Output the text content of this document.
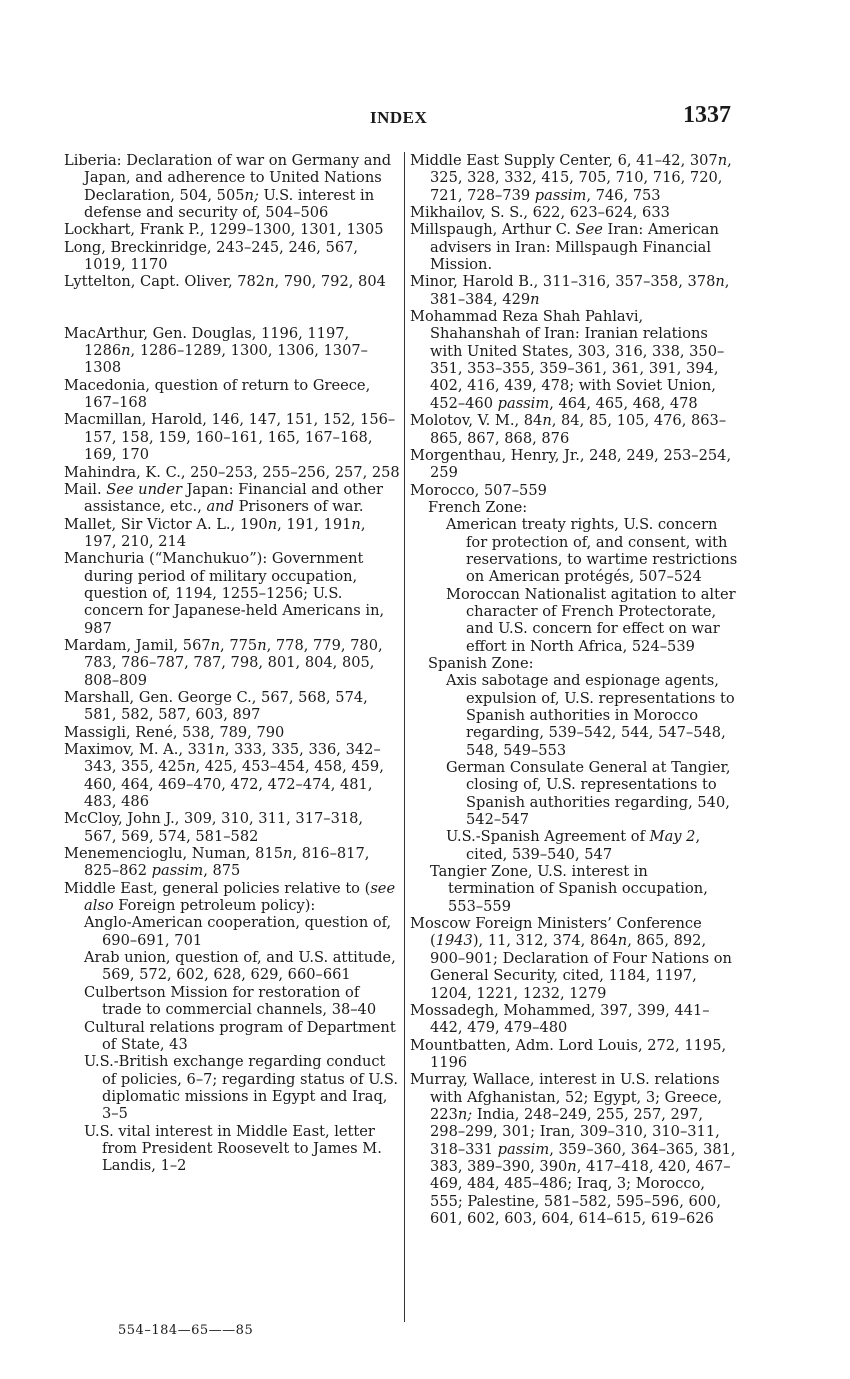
INDEX	1337
Liberia: Declaration of war on Germany and Japan, and adherence to United Nations Declaration, 504, 505n; U.S. interest in defense and security of, 504–506
Lockhart, Frank P., 1299–1300, 1301, 1305
Long, Breckinridge, 243–245, 246, 567, 1019, 1170
Lyttelton, Capt. Oliver, 782n, 790, 792, 804
MacArthur, Gen. Douglas, 1196, 1197, 1286n, 1286–1289, 1300, 1306, 1307–1308
Macedonia, question of return to Greece, 167–168
Macmillan, Harold, 146, 147, 151, 152, 156–157, 158, 159, 160–161, 165, 167–168, 169, 170
Mahindra, K. C., 250–253, 255–256, 257, 258
Mail. See under Japan: Financial and other assistance, etc., and Prisoners of war.
Mallet, Sir Victor A. L., 190n, 191, 191n, 197, 210, 214
Manchuria (“Manchukuo”): Government during period of military occupation, question of, 1194, 1255–1256; U.S. concern for Japanese-held Americans in, 987
Mardam, Jamil, 567n, 775n, 778, 779, 780, 783, 786–787, 787, 798, 801, 804, 805, 808–809
Marshall, Gen. George C., 567, 568, 574, 581, 582, 587, 603, 897
Massigli, René, 538, 789, 790
Maximov, M. A., 331n, 333, 335, 336, 342–343, 355, 425n, 425, 453–454, 458, 459, 460, 464, 469–470, 472, 472–474, 481, 483, 486
McCloy, John J., 309, 310, 311, 317–318, 567, 569, 574, 581–582
Menemencioglu, Numan, 815n, 816–817, 825–862 passim, 875
Middle East, general policies relative to (see also Foreign petroleum policy):
Anglo-American cooperation, question of, 690–691, 701
Arab union, question of, and U.S. attitude, 569, 572, 602, 628, 629, 660–661
Culbertson Mission for restoration of trade to commercial channels, 38–40
Cultural relations program of Department of State, 43
U.S.-British exchange regarding conduct of policies, 6–7; regarding status of U.S. diplomatic missions in Egypt and Iraq, 3–5
U.S. vital interest in Middle East, letter from President Roosevelt to James M. Landis, 1–2
Middle East Supply Center, 6, 41–42, 307n, 325, 328, 332, 415, 705, 710, 716, 720, 721, 728–739 passim, 746, 753
Mikhailov, S. S., 622, 623–624, 633
Millspaugh, Arthur C. See Iran: American advisers in Iran: Millspaugh Financial Mission.
Minor, Harold B., 311–316, 357–358, 378n, 381–384, 429n
Mohammad Reza Shah Pahlavi, Shahanshah of Iran: Iranian relations with United States, 303, 316, 338, 350–351, 353–355, 359–361, 361, 391, 394, 402, 416, 439, 478; with Soviet Union, 452–460 passim, 464, 465, 468, 478
Molotov, V. M., 84n, 84, 85, 105, 476, 863–865, 867, 868, 876
Morgenthau, Henry, Jr., 248, 249, 253–254, 259
Morocco, 507–559
French Zone:
American treaty rights, U.S. concern for protection of, and consent, with reservations, to wartime restrictions on American protégés, 507–524
Moroccan Nationalist agitation to alter character of French Protectorate, and U.S. concern for effect on war effort in North Africa, 524–539
Spanish Zone:
Axis sabotage and espionage agents, expulsion of, U.S. representations to Spanish authorities in Morocco regarding, 539–542, 544, 547–548, 548, 549–553
German Consulate General at Tangier, closing of, U.S. representations to Spanish authorities regarding, 540, 542–547
U.S.-Spanish Agreement of May 2, cited, 539–540, 547
Tangier Zone, U.S. interest in termination of Spanish occupation, 553–559
Moscow Foreign Ministers’ Conference (1943), 11, 312, 374, 864n, 865, 892, 900–901; Declaration of Four Nations on General Security, cited, 1184, 1197, 1204, 1221, 1232, 1279
Mossadegh, Mohammed, 397, 399, 441–442, 479, 479–480
Mountbatten, Adm. Lord Louis, 272, 1195, 1196
Murray, Wallace, interest in U.S. relations with Afghanistan, 52; Egypt, 3; Greece, 223n; India, 248–249, 255, 257, 297, 298–299, 301; Iran, 309–310, 310–311, 318–331 passim, 359–360, 364–365, 381, 383, 389–390, 390n, 417–418, 420, 467–469, 484, 485–486; Iraq, 3; Morocco, 555; Palestine, 581–582, 595–596, 600, 601, 602, 603, 604, 614–615, 619–626
554–184—65——85
